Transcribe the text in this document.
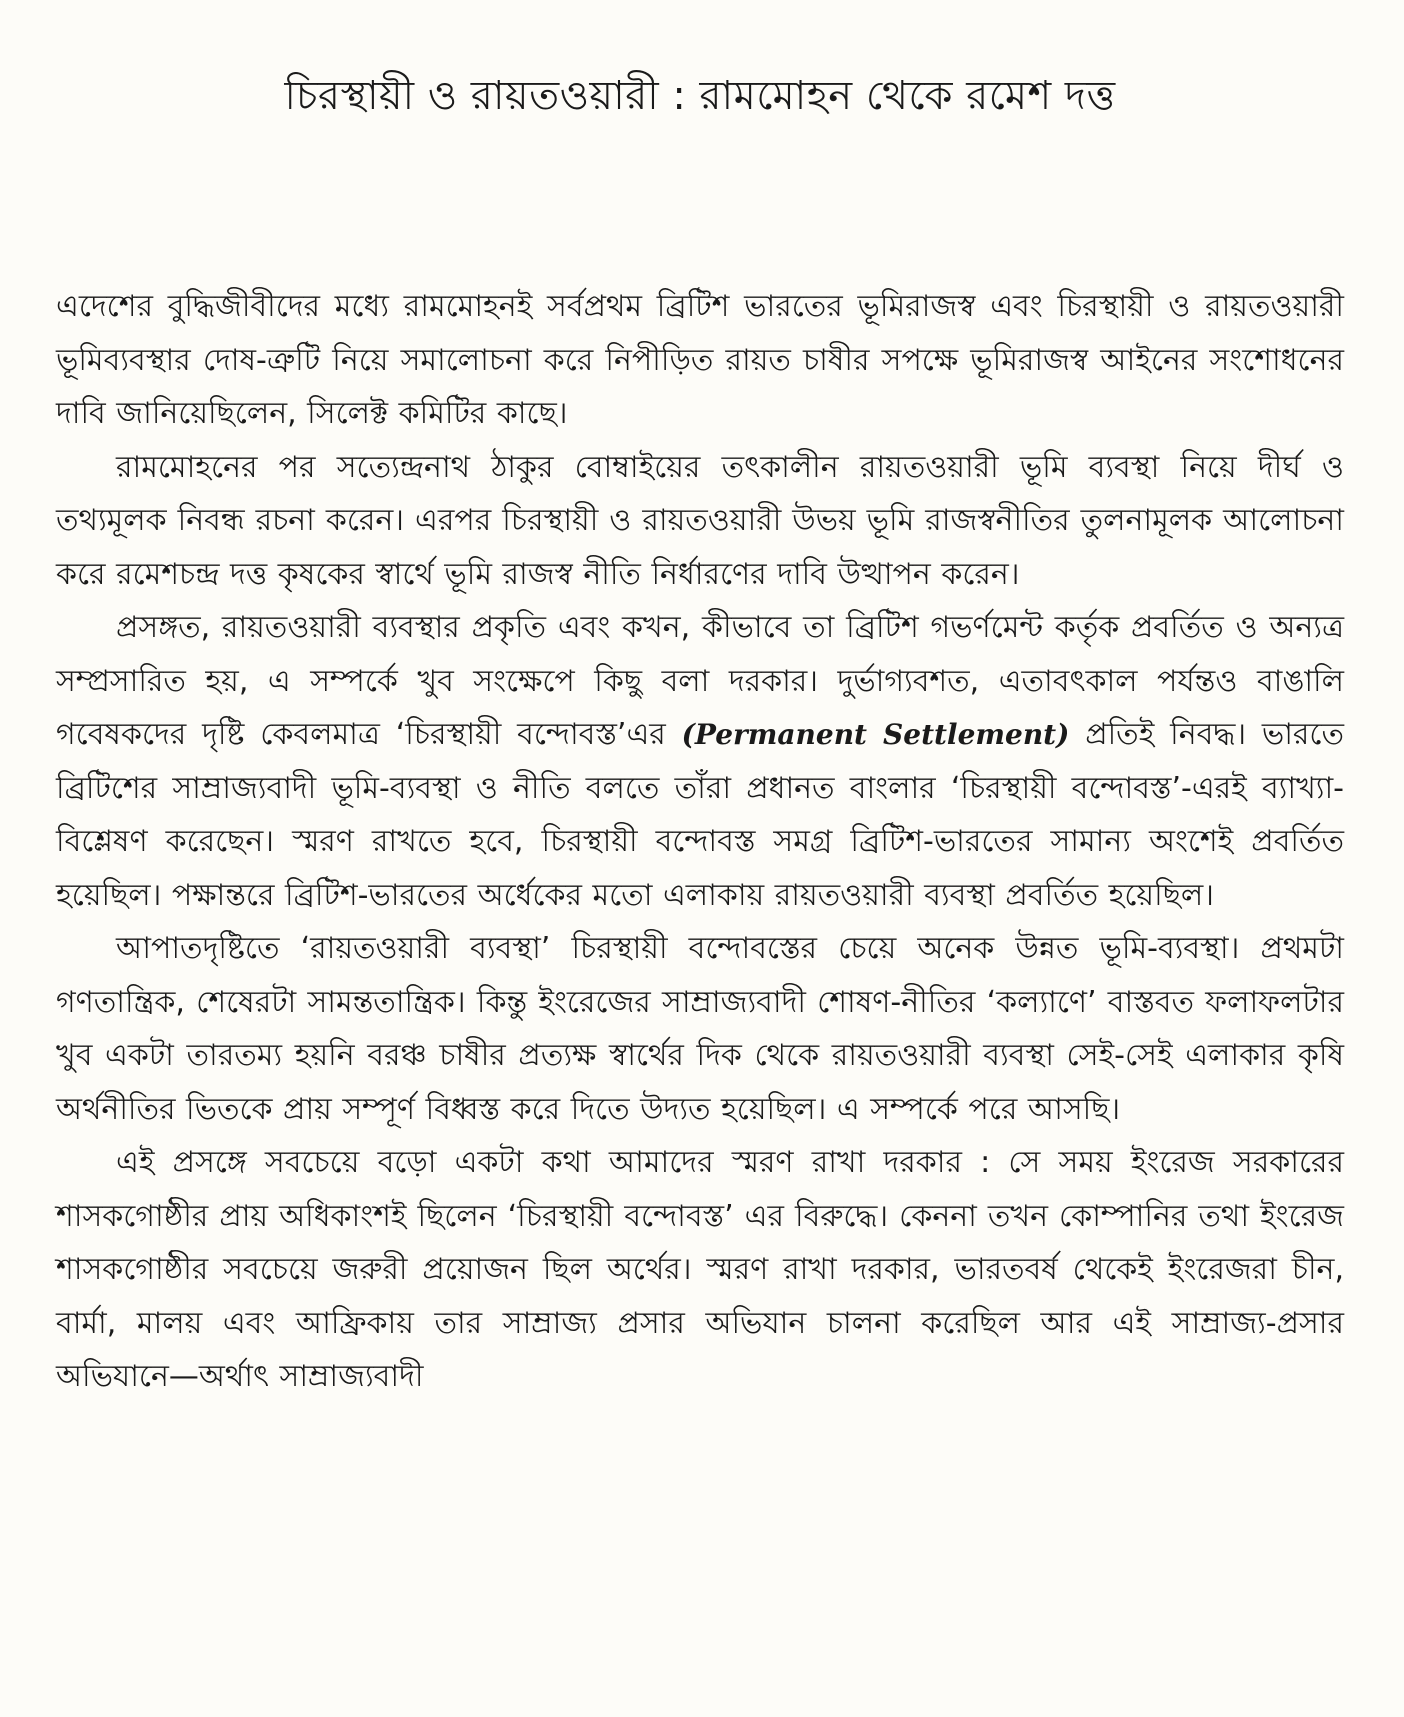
চিরস্থায়ী ও রায়তওয়ারী : রামমোহন থেকে রমেশ দত্ত

এদেশের বুদ্ধিজীবীদের মধ্যে রামমোহনই সর্বপ্রথম ব্রিটিশ ভারতের ভূমিরাজস্ব এবং চিরস্থায়ী ও রায়তওয়ারী ভূমিব্যবস্থার দোষ-ত্রুটি নিয়ে সমালোচনা করে নিপীড়িত রায়ত চাষীর সপক্ষে ভূমিরাজস্ব আইনের সংশোধনের দাবি জানিয়েছিলেন, সিলেক্ট কমিটির কাছে।

রামমোহনের পর সত্যেন্দ্রনাথ ঠাকুর বোম্বাইয়ের তৎকালীন রায়তওয়ারী ভূমি ব্যবস্থা নিয়ে দীর্ঘ ও তথ্যমূলক নিবন্ধ রচনা করেন। এরপর চিরস্থায়ী ও রায়তওয়ারী উভয় ভূমি রাজস্বনীতির তুলনামূলক আলোচনা করে রমেশচন্দ্র দত্ত কৃষকের স্বার্থে ভূমি রাজস্ব নীতি নির্ধারণের দাবি উত্থাপন করেন।

প্রসঙ্গত, রায়তওয়ারী ব্যবস্থার প্রকৃতি এবং কখন, কীভাবে তা ব্রিটিশ গভর্ণমেন্ট কর্তৃক প্রবর্তিত ও অন্যত্র সম্প্রসারিত হয়, এ সম্পর্কে খুব সংক্ষেপে কিছু বলা দরকার। দুর্ভাগ্যবশত, এতাবৎকাল পর্যন্তও বাঙালি গবেষকদের দৃষ্টি কেবলমাত্র ‘চিরস্থায়ী বন্দোবস্ত’এর (Permanent Settlement) প্রতিই নিবদ্ধ। ভারতে ব্রিটিশের সাম্রাজ্যবাদী ভূমি-ব্যবস্থা ও নীতি বলতে তাঁরা প্রধানত বাংলার ‘চিরস্থায়ী বন্দোবস্ত’-এরই ব্যাখ্যা-বিশ্লেষণ করেছেন। স্মরণ রাখতে হবে, চিরস্থায়ী বন্দোবস্ত সমগ্র ব্রিটিশ-ভারতের সামান্য অংশেই প্রবর্তিত হয়েছিল। পক্ষান্তরে ব্রিটিশ-ভারতের অর্ধেকের মতো এলাকায় রায়তওয়ারী ব্যবস্থা প্রবর্তিত হয়েছিল।

আপাতদৃষ্টিতে ‘রায়তওয়ারী ব্যবস্থা’ চিরস্থায়ী বন্দোবস্তের চেয়ে অনেক উন্নত ভূমি-ব্যবস্থা। প্রথমটা গণতান্ত্রিক, শেষেরটা সামন্ততান্ত্রিক। কিন্তু ইংরেজের সাম্রাজ্যবাদী শোষণ-নীতির ‘কল্যাণে’ বাস্তবত ফলাফলটার খুব একটা তারতম্য হয়নি বরঞ্চ চাষীর প্রত্যক্ষ স্বার্থের দিক থেকে রায়তওয়ারী ব্যবস্থা সেই-সেই এলাকার কৃষি অর্থনীতির ভিতকে প্রায় সম্পূর্ণ বিধ্বস্ত করে দিতে উদ্যত হয়েছিল। এ সম্পর্কে পরে আসছি।

এই প্রসঙ্গে সবচেয়ে বড়ো একটা কথা আমাদের স্মরণ রাখা দরকার : সে সময় ইংরেজ সরকারের শাসকগোষ্ঠীর প্রায় অধিকাংশই ছিলেন ‘চিরস্থায়ী বন্দোবস্ত’ এর বিরুদ্ধে। কেননা তখন কোম্পানির তথা ইংরেজ শাসকগোষ্ঠীর সবচেয়ে জরুরী প্রয়োজন ছিল অর্থের। স্মরণ রাখা দরকার, ভারতবর্ষ থেকেই ইংরেজরা চীন, বার্মা, মালয় এবং আফ্রিকায় তার সাম্রাজ্য প্রসার অভিযান চালনা করেছিল আর এই সাম্রাজ্য-প্রসার অভিযানে—অর্থাৎ সাম্রাজ্যবাদী
